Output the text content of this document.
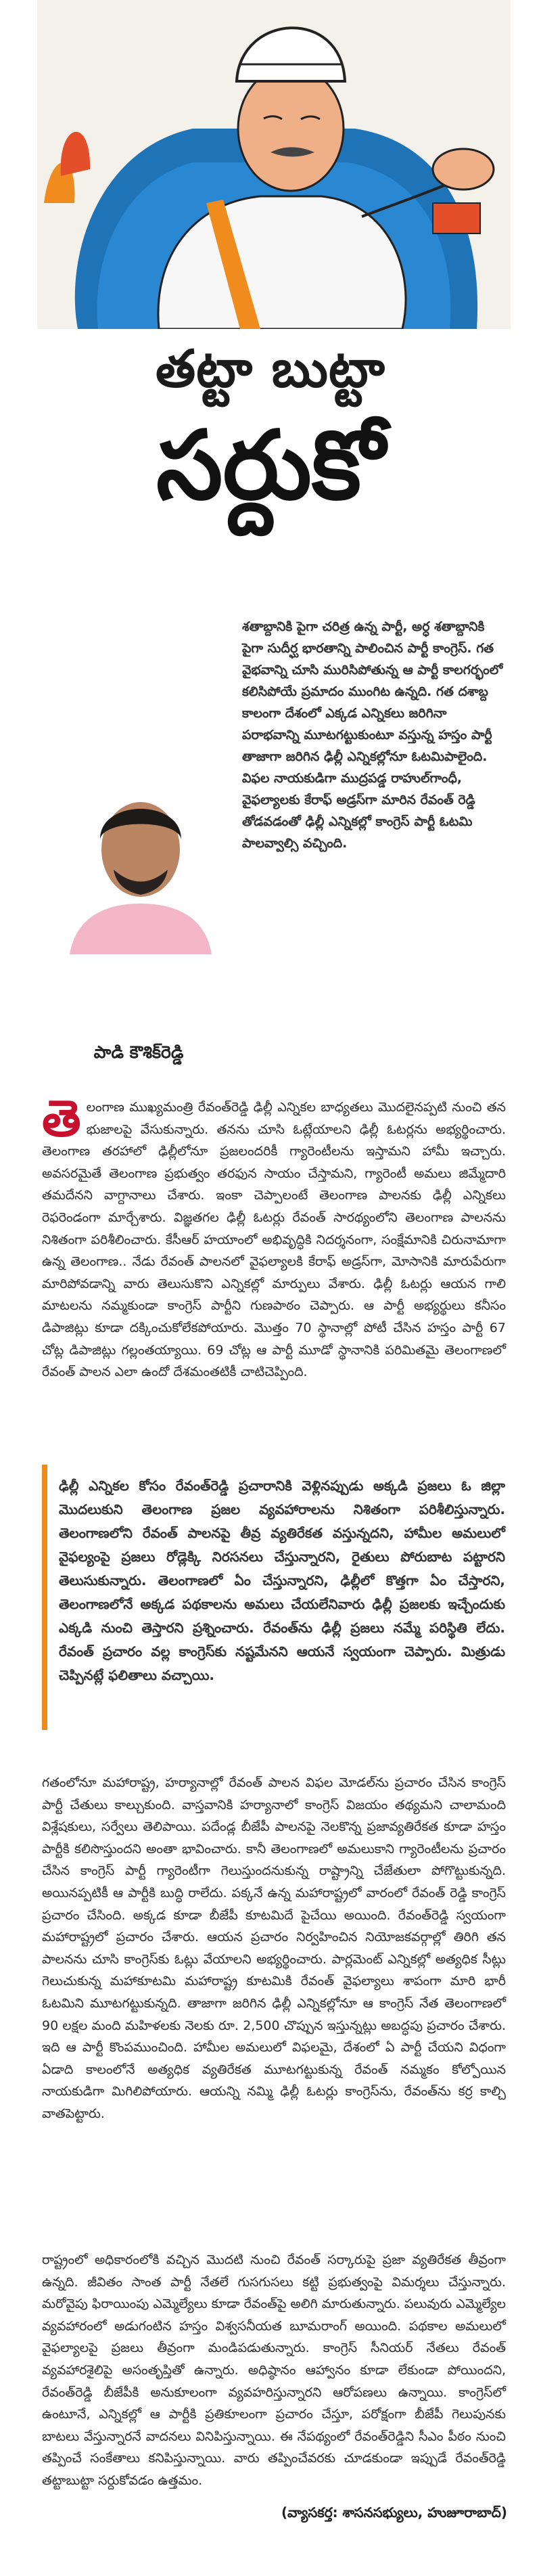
తట్టా బుట్టా
సర్దుకో

శతాబ్దానికి పైగా చరిత్ర ఉన్న పార్టీ, అర్ధ శతాబ్దానికి పైగా సుదీర్ఘ భారతాన్ని పాలించిన పార్టీ కాంగ్రెస్. గత వైభవాన్ని చూసి మురిసిపోతున్న ఆ పార్టీ కాలగర్భంలో కలిసిపోయే ప్రమాదం ముంగిట ఉన్నది. గత దశాబ్ద కాలంగా దేశంలో ఎక్కడ ఎన్నికలు జరిగినా పరాభవాన్ని మూటగట్టుకుంటూ వస్తున్న హస్తం పార్టీ తాజాగా జరిగిన ఢిల్లీ ఎన్నికల్లోనూ ఓటమిపాలైంది. విఫల నాయకుడిగా ముద్రపడ్డ రాహుల్‌గాంధీ, వైఫల్యాలకు కేరాఫ్ అడ్రస్‌గా మారిన రేవంత్ రెడ్డి తోడవడంతో ఢిల్లీ ఎన్నికల్లో కాంగ్రెస్ పార్టీ ఓటమి పాలవ్వాల్సి వచ్చింది.

పాడి కౌశిక్‌రెడ్డి
తె లంగాణ ముఖ్యమంత్రి రేవంత్‌రెడ్డి ఢిల్లీ ఎన్నికల బాధ్యతలు మొదలైనప్పటి నుంచి తన భుజాలపై వేసుకున్నారు. తనను చూసి ఓట్లేయాలని ఢిల్లీ ఓటర్లను అభ్యర్థించారు. తెలంగాణ తరహాలో ఢిల్లీలోనూ ప్రజలందరికీ గ్యారెంటీలను ఇస్తామని హామీ ఇచ్చారు. అవసరమైతే తెలంగాణ ప్రభుత్వం తరఫున సాయం చేస్తామని, గ్యారెంటీ అమలు జిమ్మేదారి తమదేనని వాగ్దానాలు చేశారు. ఇంకా చెప్పాలంటే తెలంగాణ పాలనకు ఢిల్లీ ఎన్నికలు రెఫరెండంగా మార్చేశారు. విజ్ఞతగల ఢిల్లీ ఓటర్లు రేవంత్ సారథ్యంలోని తెలంగాణ పాలనను నిశితంగా పరిశీలించారు. కేసీఆర్ హయాంలో అభివృద్ధికి నిదర్శనంగా, సంక్షేమానికి చిరునామాగా ఉన్న తెలంగాణ.. నేడు రేవంత్ పాలనలో వైఫల్యాలకి కేరాఫ్ అడ్రస్‌గా, మోసానికి మారుపేరుగా మారిపోవడాన్ని వారు తెలుసుకొని ఎన్నికల్లో మార్పులు వేశారు. ఢిల్లీ ఓటర్లు ఆయన గాలి మాటలను నమ్మకుండా కాంగ్రెస్ పార్టీని గుణపాఠం చెప్పారు. ఆ పార్టీ అభ్యర్థులు కనీసం డిపాజిట్లు కూడా దక్కించుకోలేకపోయారు. మొత్తం 70 స్థానాల్లో పోటీ చేసిన హస్తం పార్టీ 67 చోట్ల డిపాజిట్లు గల్లంతయ్యాయి. 69 చోట్ల ఆ పార్టీ మూడో స్థానానికి పరిమితమై తెలంగాణలో రేవంత్ పాలన ఎలా ఉందో దేశమంతటికీ చాటిచెప్పింది.

ఢిల్లీ ఎన్నికల కోసం రేవంత్‌రెడ్డి ప్రచారానికి వెళ్లినప్పుడు అక్కడి ప్రజలు ఓ జిల్లా మొదలుకుని తెలంగాణ ప్రజల వ్యవహారాలను నిశితంగా పరిశీలిస్తున్నారు. తెలంగాణలోని రేవంత్ పాలనపై తీవ్ర వ్యతిరేకత వస్తున్నదని, హామీల అమలులో వైఫల్యంపై ప్రజలు రోడ్లెక్కి నిరసనలు చేస్తున్నారని, రైతులు పోరుబాట పట్టారని తెలుసుకున్నారు. తెలంగాణలో ఏం చేస్తున్నారని, ఢిల్లీలో కొత్తగా ఏం చేస్తారని, తెలంగాణలోనే అక్కడ పథకాలను అమలు చేయలేనివారు ఢిల్లీ ప్రజలకు ఇచ్చేందుకు ఎక్కడి నుంచి తెస్తారని ప్రశ్నించారు. రేవంత్‌ను ఢిల్లీ ప్రజలు నమ్మే పరిస్థితి లేదు. రేవంత్ ప్రచారం వల్ల కాంగ్రెస్‌కు నష్టమేనని ఆయనే స్వయంగా చెప్పారు. మిత్రుడు చెప్పినట్లే ఫలితాలు వచ్చాయి.

గతంలోనూ మహారాష్ట్ర, హర్యానాల్లో రేవంత్ పాలన విఫల మోడల్‌ను ప్రచారం చేసిన కాంగ్రెస్ పార్టీ చేతులు కాల్చుకుంది. వాస్తవానికి హర్యానాలో కాంగ్రెస్ విజయం తథ్యమని చాలామంది విశ్లేషకులు, సర్వేలు తెలిపాయి. పదేండ్ల బీజేపీ పాలనపై నెలకొన్న ప్రజావ్యతిరేకత కూడా హస్తం పార్టీకి కలిసొస్తుందని అంతా భావించారు. కానీ తెలంగాణలో అమలుకాని గ్యారెంటీలను ప్రచారం చేసిన కాంగ్రెస్ పార్టీ గ్యారెంటీగా గెలుస్తుందనుకున్న రాష్ట్రాన్ని చేజేతులా పోగొట్టుకున్నది. అయినప్పటికీ ఆ పార్టీకి బుద్ధి రాలేదు. పక్కనే ఉన్న మహారాష్ట్రలో వారంలో రేవంత్ రెడ్డి కాంగ్రెస్ ప్రచారం చేసింది. అక్కడ కూడా బీజేపీ కూటమిదే పైచేయి అయింది. రేవంత్‌రెడ్డి స్వయంగా మహారాష్ట్రలో ప్రచారం చేశారు. ఆయన ప్రచారం నిర్వహించిన నియోజకవర్గాల్లో తిరిగి తన పాలనను చూసి కాంగ్రెస్‌కు ఓట్లు వేయాలని అభ్యర్థించారు. పార్లమెంట్ ఎన్నికల్లో అత్యధిక సీట్లు గెలుచుకున్న మహాకూటమి మహారాష్ట్ర కూటమికి రేవంత్ వైఫల్యాలు శాపంగా మారి భారీ ఓటమిని మూటగట్టుకున్నది. తాజాగా జరిగిన ఢిల్లీ ఎన్నికల్లోనూ ఆ కాంగ్రెస్ నేత తెలంగాణలో 90 లక్షల మంది మహిళలకు నెలకు రూ. 2,500 చొప్పున ఇస్తున్నట్లు అబద్ధపు ప్రచారం చేశారు. ఇది ఆ పార్టీ కొంపముంచింది. హామీల అమలులో విఫలమై, దేశంలో ఏ పార్టీ చేయని విధంగా ఏడాది కాలంలోనే అత్యధిక వ్యతిరేకత మూటగట్టుకున్న రేవంత్ నమ్మకం కోల్పోయిన నాయకుడిగా మిగిలిపోయారు. ఆయన్ని నమ్మి ఢిల్లీ ఓటర్లు కాంగ్రెస్‌ను, రేవంత్‌ను కర్ర కాల్చి వాతపెట్టారు.

రాష్ట్రంలో అధికారంలోకి వచ్చిన మొదటి నుంచి రేవంత్ సర్కారుపై ప్రజా వ్యతిరేకత తీవ్రంగా ఉన్నది. జీవితం సాంత పార్టీ నేతలే గుసగుసలు కట్టి ప్రభుత్వంపై విమర్శలు చేస్తున్నారు. మరోవైపు ఫిరాయింపు ఎమ్మెల్యేలు కూడా రేవంత్‌పై అలిగి మారుతున్నారు. పలువురు ఎమ్మెల్యేల వ్యవహారంలో అడుగంటిన హస్తం విశ్వసనీయత బూమరాంగ్ అయింది. పథకాల అమలులో వైఫల్యాలపై ప్రజలు తీవ్రంగా మండిపడుతున్నారు. కాంగ్రెస్ సీనియర్ నేతలు రేవంత్ వ్యవహారశైలిపై అసంతృప్తితో ఉన్నారు. అధిష్ఠానం ఆహ్వానం కూడా లేకుండా పోయిందని, రేవంత్‌రెడ్డి బీజేపీకి అనుకూలంగా వ్యవహరిస్తున్నారని ఆరోపణలు ఉన్నాయి. కాంగ్రెస్‌లో ఉంటూనే, ఎన్నికల్లో ఆ పార్టీకి ప్రతికూలంగా ప్రచారం చేస్తూ, పరోక్షంగా బీజేపీ గెలుపునకు బాటలు వేస్తున్నారనే వాదనలు వినిపిస్తున్నాయి. ఈ నేపథ్యంలో రేవంత్‌రెడ్డిని సీఎం పీఠం నుంచి తప్పించే సంకేతాలు కనిపిస్తున్నాయి. వారు తప్పించేవరకు చూడకుండా ఇప్పుడే రేవంత్‌రెడ్డి తట్టాబుట్టా సర్దుకోవడం ఉత్తమం.

(వ్యాసకర్త: శాసనసభ్యులు, హుజూరాబాద్)
